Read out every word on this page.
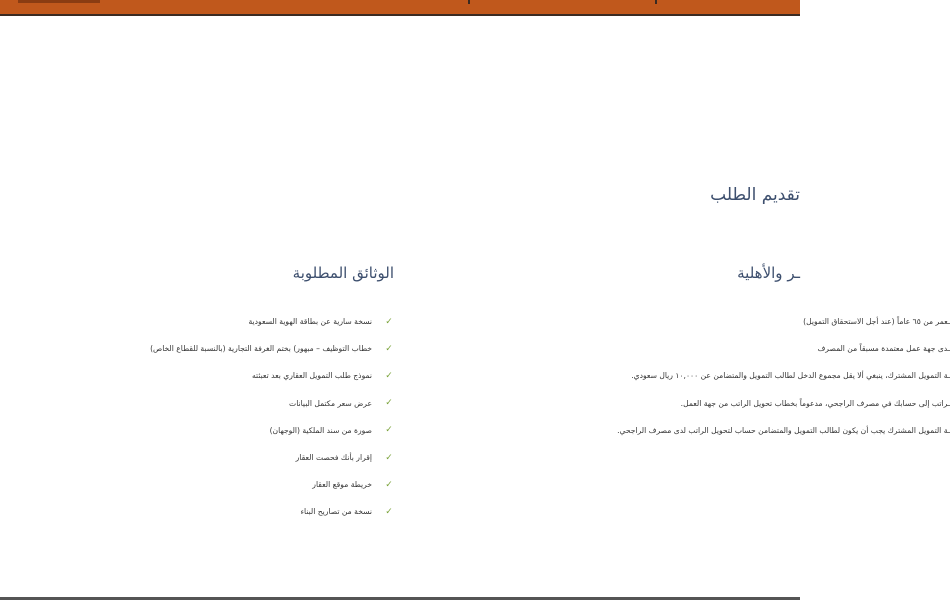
تقديم الطلب
الوثائق المطلوبة
✓
نسخة سارية عن بطاقة الهوية السعودية
✓
خطاب التوظيف – مبهور) بختم الغرفة التجارية (بالنسبة للقطاع الخاص)
✓
نموذج طلب التمويل العقاري بعد تعبئته
✓
عرض سعر مكتمل البيانات
✓
صورة من سند الملكية (الوجهان)
✓
إقرار بأنك فحصت العقار
✓
خريطة موقع العقار
✓
نسخة من تصاريح البناء
ـر والأهلية
ـعمر من ٦٥ عاماً (عند أجل الاستحقاق التمويل)
ـدى جهة عمل معتمدة مسبقاً من المصرف
ـة التمويل المشترك، ينبغي ألا يقل مجموع الدخل لطالب التمويل والمتضامن عن ١٠,٠٠٠ ريال سعودي.
ـراتب إلى حسابك في مصرف الراجحي، مدعوماً بخطاب تحويل الراتب من جهة العمل.
ـة التمويل المشترك يجب أن يكون لطالب التمويل والمتضامن حساب لتحويل الراتب لدى مصرف الراجحي.
